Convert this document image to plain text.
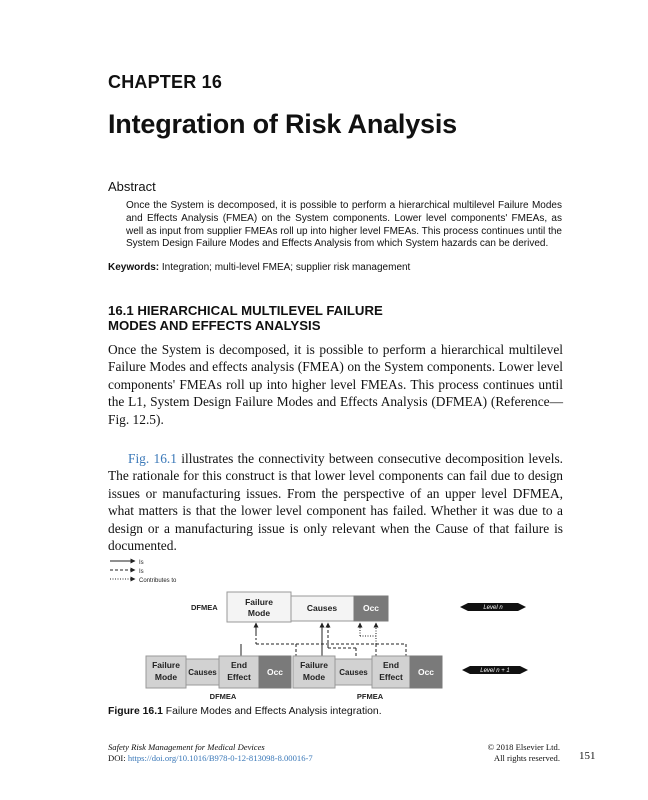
CHAPTER 16
Integration of Risk Analysis
Abstract
Once the System is decomposed, it is possible to perform a hierarchical multilevel Failure Modes and Effects Analysis (FMEA) on the System components. Lower level components' FMEAs, as well as input from supplier FMEAs roll up into higher level FMEAs. This process continues until the System Design Failure Modes and Effects Analysis from which System hazards can be derived.
Keywords: Integration; multi-level FMEA; supplier risk management
16.1 HIERARCHICAL MULTILEVEL FAILURE
MODES AND EFFECTS ANALYSIS

Once the System is decomposed, it is possible to perform a hierarchical multilevel Failure Modes and effects analysis (FMEA) on the System components. Lower level components' FMEAs roll up into higher level FMEAs. This process continues until the L1, System Design Failure Modes and Effects Analysis (DFMEA) (Reference—Fig. 12.5).

Fig. 16.1 illustrates the connectivity between consecutive decomposition levels. The rationale for this construct is that lower level components can fail due to design issues or manufacturing issues. From the perspective of an upper level DFMEA, what matters is that the lower level component has failed. Whether it was due to a design or a manufacturing issue is only relevant when the Cause of that failure is documented.

Is
Is
Contributes to
DFMEA
Failure
Mode	Causes	Occ	Level n
Level n + 1
Failure
Mode Causes
End
Effect Occ
Failure
Mode Causes
End
Effect Occ
DFMEA	PFMEA
Figure 16.1 Failure Modes and Effects Analysis integration.
Safety Risk Management for Medical Devices
DOI: https://doi.org/10.1016/B978-0-12-813098-8.00016-7
© 2018 Elsevier Ltd.
All rights reserved. 151
